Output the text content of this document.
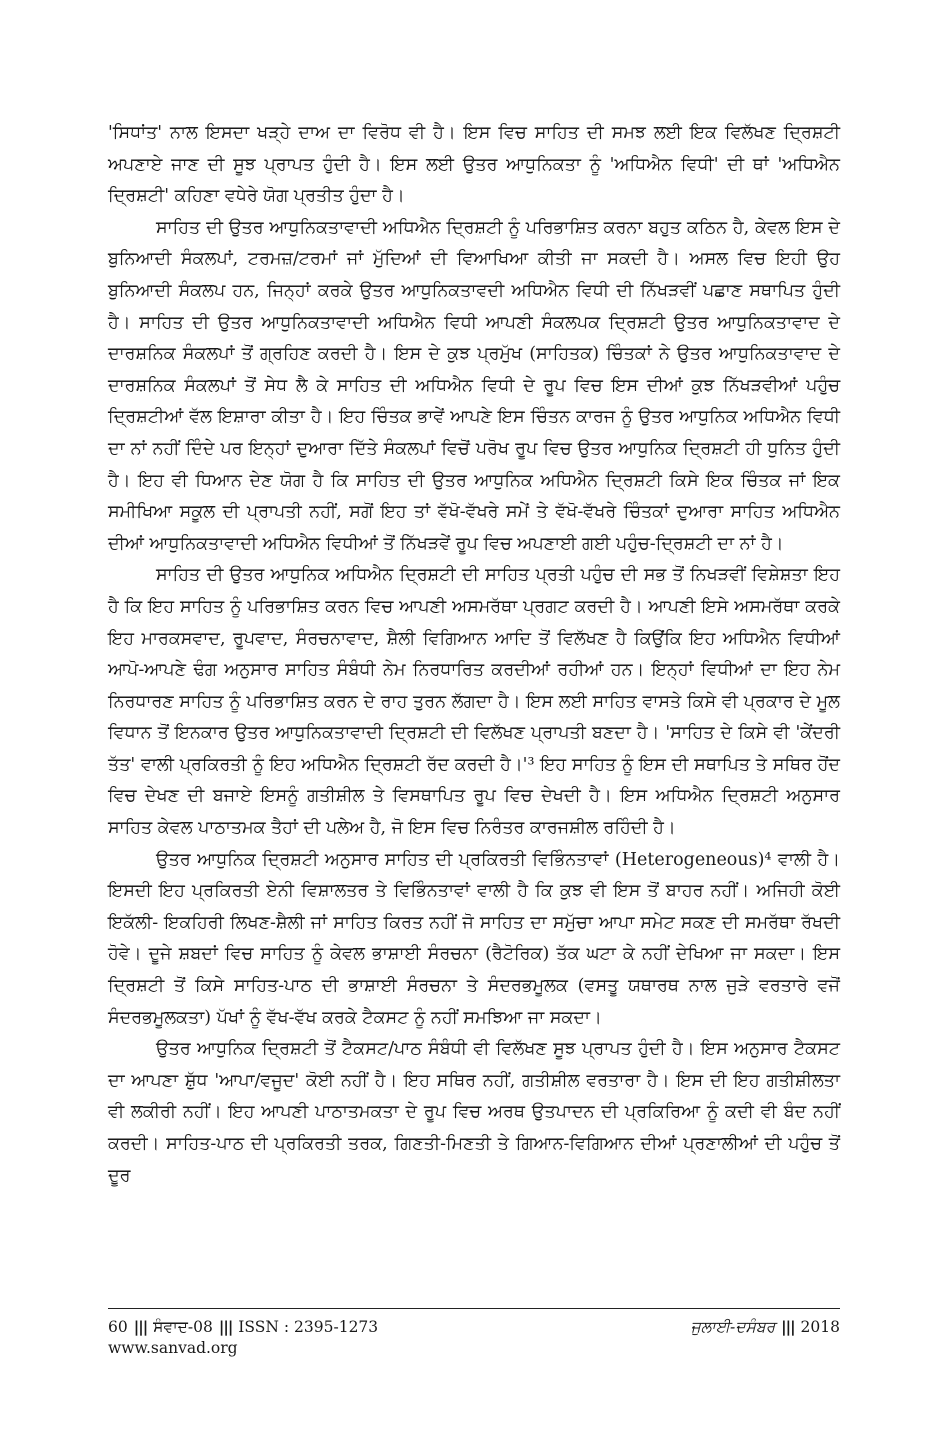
'ਸਿਧਾਂਤ' ਨਾਲ ਇਸਦਾ ਖੜ੍ਹੇ ਦਾਅ ਦਾ ਵਿਰੋਧ ਵੀ ਹੈ। ਇਸ ਵਿਚ ਸਾਹਿਤ ਦੀ ਸਮਝ ਲਈ ਇਕ ਵਿਲੱਖਣ ਦ੍ਰਿਸ਼ਟੀ ਅਪਣਾਏ ਜਾਣ ਦੀ ਸੂਝ ਪ੍ਰਾਪਤ ਹੁੰਦੀ ਹੈ। ਇਸ ਲਈ ਉਤਰ ਆਧੁਨਿਕਤਾ ਨੂੰ 'ਅਧਿਐਨ ਵਿਧੀ' ਦੀ ਥਾਂ 'ਅਧਿਐਨ ਦ੍ਰਿਸ਼ਟੀ' ਕਹਿਣਾ ਵਧੇਰੇ ਯੋਗ ਪ੍ਰਤੀਤ ਹੁੰਦਾ ਹੈ।

ਸਾਹਿਤ ਦੀ ਉਤਰ ਆਧੁਨਿਕਤਾਵਾਦੀ ਅਧਿਐਨ ਦ੍ਰਿਸ਼ਟੀ ਨੂੰ ਪਰਿਭਾਸ਼ਿਤ ਕਰਨਾ ਬਹੁਤ ਕਠਿਨ ਹੈ, ਕੇਵਲ ਇਸ ਦੇ ਬੁਨਿਆਦੀ ਸੰਕਲਪਾਂ, ਟਰਮਜ਼/ਟਰਮਾਂ ਜਾਂ ਮੁੱਦਿਆਂ ਦੀ ਵਿਆਖਿਆ ਕੀਤੀ ਜਾ ਸਕਦੀ ਹੈ। ਅਸਲ ਵਿਚ ਇਹੀ ਉਹ ਬੁਨਿਆਦੀ ਸੰਕਲਪ ਹਨ, ਜਿਨ੍ਹਾਂ ਕਰਕੇ ਉਤਰ ਆਧੁਨਿਕਤਾਵਦੀ ਅਧਿਐਨ ਵਿਧੀ ਦੀ ਨਿੱਖੜਵੀਂ ਪਛਾਣ ਸਥਾਪਿਤ ਹੁੰਦੀ ਹੈ। ਸਾਹਿਤ ਦੀ ਉਤਰ ਆਧੁਨਿਕਤਾਵਾਦੀ ਅਧਿਐਨ ਵਿਧੀ ਆਪਣੀ ਸੰਕਲਪਕ ਦ੍ਰਿਸ਼ਟੀ ਉਤਰ ਆਧੁਨਿਕਤਾਵਾਦ ਦੇ ਦਾਰਸ਼ਨਿਕ ਸੰਕਲਪਾਂ ਤੋਂ ਗ੍ਰਹਿਣ ਕਰਦੀ ਹੈ। ਇਸ ਦੇ ਕੁਝ ਪ੍ਰਮੁੱਖ (ਸਾਹਿਤਕ) ਚਿੰਤਕਾਂ ਨੇ ਉਤਰ ਆਧੁਨਿਕਤਾਵਾਦ ਦੇ ਦਾਰਸ਼ਨਿਕ ਸੰਕਲਪਾਂ ਤੋਂ ਸੇਧ ਲੈ ਕੇ ਸਾਹਿਤ ਦੀ ਅਧਿਐਨ ਵਿਧੀ ਦੇ ਰੂਪ ਵਿਚ ਇਸ ਦੀਆਂ ਕੁਝ ਨਿੱਖੜਵੀਆਂ ਪਹੁੰਚ ਦ੍ਰਿਸ਼ਟੀਆਂ ਵੱਲ ਇਸ਼ਾਰਾ ਕੀਤਾ ਹੈ। ਇਹ ਚਿੰਤਕ ਭਾਵੇਂ ਆਪਣੇ ਇਸ ਚਿੰਤਨ ਕਾਰਜ ਨੂੰ ਉਤਰ ਆਧੁਨਿਕ ਅਧਿਐਨ ਵਿਧੀ ਦਾ ਨਾਂ ਨਹੀਂ ਦਿੰਦੇ ਪਰ ਇਨ੍ਹਾਂ ਦੁਆਰਾ ਦਿੱਤੇ ਸੰਕਲਪਾਂ ਵਿਚੋਂ ਪਰੋਖ ਰੂਪ ਵਿਚ ਉਤਰ ਆਧੁਨਿਕ ਦ੍ਰਿਸ਼ਟੀ ਹੀ ਧੁਨਿਤ ਹੁੰਦੀ ਹੈ। ਇਹ ਵੀ ਧਿਆਨ ਦੇਣ ਯੋਗ ਹੈ ਕਿ ਸਾਹਿਤ ਦੀ ਉਤਰ ਆਧੁਨਿਕ ਅਧਿਐਨ ਦ੍ਰਿਸ਼ਟੀ ਕਿਸੇ ਇਕ ਚਿੰਤਕ ਜਾਂ ਇਕ ਸਮੀਖਿਆ ਸਕੂਲ ਦੀ ਪ੍ਰਾਪਤੀ ਨਹੀਂ, ਸਗੋਂ ਇਹ ਤਾਂ ਵੱਖੋ-ਵੱਖਰੇ ਸਮੇਂ ਤੇ ਵੱਖੋ-ਵੱਖਰੇ ਚਿੰਤਕਾਂ ਦੁਆਰਾ ਸਾਹਿਤ ਅਧਿਐਨ ਦੀਆਂ ਆਧੁਨਿਕਤਾਵਾਦੀ ਅਧਿਐਨ ਵਿਧੀਆਂ ਤੋਂ ਨਿੱਖੜਵੇਂ ਰੂਪ ਵਿਚ ਅਪਣਾਈ ਗਈ ਪਹੁੰਚ-ਦ੍ਰਿਸ਼ਟੀ ਦਾ ਨਾਂ ਹੈ।

ਸਾਹਿਤ ਦੀ ਉਤਰ ਆਧੁਨਿਕ ਅਧਿਐਨ ਦ੍ਰਿਸ਼ਟੀ ਦੀ ਸਾਹਿਤ ਪ੍ਰਤੀ ਪਹੁੰਚ ਦੀ ਸਭ ਤੋਂ ਨਿਖੜਵੀਂ ਵਿਸ਼ੇਸ਼ਤਾ ਇਹ ਹੈ ਕਿ ਇਹ ਸਾਹਿਤ ਨੂੰ ਪਰਿਭਾਸ਼ਿਤ ਕਰਨ ਵਿਚ ਆਪਣੀ ਅਸਮਰੱਥਾ ਪ੍ਰਗਟ ਕਰਦੀ ਹੈ। ਆਪਣੀ ਇਸੇ ਅਸਮਰੱਥਾ ਕਰਕੇ ਇਹ ਮਾਰਕਸਵਾਦ, ਰੂਪਵਾਦ, ਸੰਰਚਨਾਵਾਦ, ਸ਼ੈਲੀ ਵਿਗਿਆਨ ਆਦਿ ਤੋਂ ਵਿਲੱਖਣ ਹੈ ਕਿਉਂਕਿ ਇਹ ਅਧਿਐਨ ਵਿਧੀਆਂ ਆਪੋ-ਆਪਣੇ ਢੰਗ ਅਨੁਸਾਰ ਸਾਹਿਤ ਸੰਬੰਧੀ ਨੇਮ ਨਿਰਧਾਰਿਤ ਕਰਦੀਆਂ ਰਹੀਆਂ ਹਨ। ਇਨ੍ਹਾਂ ਵਿਧੀਆਂ ਦਾ ਇਹ ਨੇਮ ਨਿਰਧਾਰਣ ਸਾਹਿਤ ਨੂੰ ਪਰਿਭਾਸ਼ਿਤ ਕਰਨ ਦੇ ਰਾਹ ਤੁਰਨ ਲੱਗਦਾ ਹੈ। ਇਸ ਲਈ ਸਾਹਿਤ ਵਾਸਤੇ ਕਿਸੇ ਵੀ ਪ੍ਰਕਾਰ ਦੇ ਮੂਲ ਵਿਧਾਨ ਤੋਂ ਇਨਕਾਰ ਉਤਰ ਆਧੁਨਿਕਤਾਵਾਦੀ ਦ੍ਰਿਸ਼ਟੀ ਦੀ ਵਿਲੱਖਣ ਪ੍ਰਾਪਤੀ ਬਣਦਾ ਹੈ। 'ਸਾਹਿਤ ਦੇ ਕਿਸੇ ਵੀ 'ਕੇਂਦਰੀ ਤੱਤ' ਵਾਲੀ ਪ੍ਰਕਿਰਤੀ ਨੂੰ ਇਹ ਅਧਿਐਨ ਦ੍ਰਿਸ਼ਟੀ ਰੱਦ ਕਰਦੀ ਹੈ।'³ ਇਹ ਸਾਹਿਤ ਨੂੰ ਇਸ ਦੀ ਸਥਾਪਿਤ ਤੇ ਸਥਿਰ ਹੋਂਦ ਵਿਚ ਦੇਖਣ ਦੀ ਬਜਾਏ ਇਸਨੂੰ ਗਤੀਸ਼ੀਲ ਤੇ ਵਿਸਥਾਪਿਤ ਰੂਪ ਵਿਚ ਦੇਖਦੀ ਹੈ। ਇਸ ਅਧਿਐਨ ਦ੍ਰਿਸ਼ਟੀ ਅਨੁਸਾਰ ਸਾਹਿਤ ਕੇਵਲ ਪਾਠਾਤਮਕ ਤੈਹਾਂ ਦੀ ਪਲੇਅ ਹੈ, ਜੋ ਇਸ ਵਿਚ ਨਿਰੰਤਰ ਕਾਰਜਸ਼ੀਲ ਰਹਿੰਦੀ ਹੈ।

ਉਤਰ ਆਧੁਨਿਕ ਦ੍ਰਿਸ਼ਟੀ ਅਨੁਸਾਰ ਸਾਹਿਤ ਦੀ ਪ੍ਰਕਿਰਤੀ ਵਿਭਿੰਨਤਾਵਾਂ (Heterogeneous)⁴ ਵਾਲੀ ਹੈ। ਇਸਦੀ ਇਹ ਪ੍ਰਕਿਰਤੀ ਏਨੀ ਵਿਸ਼ਾਲਤਰ ਤੇ ਵਿਭਿੰਨਤਾਵਾਂ ਵਾਲੀ ਹੈ ਕਿ ਕੁਝ ਵੀ ਇਸ ਤੋਂ ਬਾਹਰ ਨਹੀਂ। ਅਜਿਹੀ ਕੋਈ ਇਕੱਲੀ- ਇਕਹਿਰੀ ਲਿਖਣ-ਸ਼ੈਲੀ ਜਾਂ ਸਾਹਿਤ ਕਿਰਤ ਨਹੀਂ ਜੋ ਸਾਹਿਤ ਦਾ ਸਮੁੱਚਾ ਆਪਾ ਸਮੇਟ ਸਕਣ ਦੀ ਸਮਰੱਥਾ ਰੱਖਦੀ ਹੋਵੇ। ਦੂਜੇ ਸ਼ਬਦਾਂ ਵਿਚ ਸਾਹਿਤ ਨੂੰ ਕੇਵਲ ਭਾਸ਼ਾਈ ਸੰਰਚਨਾ (ਰੈਟੋਰਿਕ) ਤੱਕ ਘਟਾ ਕੇ ਨਹੀਂ ਦੇਖਿਆ ਜਾ ਸਕਦਾ। ਇਸ ਦ੍ਰਿਸ਼ਟੀ ਤੋਂ ਕਿਸੇ ਸਾਹਿਤ-ਪਾਠ ਦੀ ਭਾਸ਼ਾਈ ਸੰਰਚਨਾ ਤੇ ਸੰਦਰਭਮੂਲਕ (ਵਸਤੂ ਯਥਾਰਥ ਨਾਲ ਜੁੜੇ ਵਰਤਾਰੇ ਵਜੋਂ ਸੰਦਰਭਮੂਲਕਤਾ) ਪੱਖਾਂ ਨੂੰ ਵੱਖ-ਵੱਖ ਕਰਕੇ ਟੈਕਸਟ ਨੂੰ ਨਹੀਂ ਸਮਝਿਆ ਜਾ ਸਕਦਾ।

ਉਤਰ ਆਧੁਨਿਕ ਦ੍ਰਿਸ਼ਟੀ ਤੋਂ ਟੈਕਸਟ/ਪਾਠ ਸੰਬੰਧੀ ਵੀ ਵਿਲੱਖਣ ਸੂਝ ਪ੍ਰਾਪਤ ਹੁੰਦੀ ਹੈ। ਇਸ ਅਨੁਸਾਰ ਟੈਕਸਟ ਦਾ ਆਪਣਾ ਸ਼ੁੱਧ 'ਆਪਾ/ਵਜੂਦ' ਕੋਈ ਨਹੀਂ ਹੈ। ਇਹ ਸਥਿਰ ਨਹੀਂ, ਗਤੀਸ਼ੀਲ ਵਰਤਾਰਾ ਹੈ। ਇਸ ਦੀ ਇਹ ਗਤੀਸ਼ੀਲਤਾ ਵੀ ਲਕੀਰੀ ਨਹੀਂ। ਇਹ ਆਪਣੀ ਪਾਠਾਤਮਕਤਾ ਦੇ ਰੂਪ ਵਿਚ ਅਰਥ ਉਤਪਾਦਨ ਦੀ ਪ੍ਰਕਿਰਿਆ ਨੂੰ ਕਦੀ ਵੀ ਬੰਦ ਨਹੀਂ ਕਰਦੀ। ਸਾਹਿਤ-ਪਾਠ ਦੀ ਪ੍ਰਕਿਰਤੀ ਤਰਕ, ਗਿਣਤੀ-ਮਿਣਤੀ ਤੇ ਗਿਆਨ-ਵਿਗਿਆਨ ਦੀਆਂ ਪ੍ਰਣਾਲੀਆਂ ਦੀ ਪਹੁੰਚ ਤੋਂ ਦੂਰ

60 ||| ਸੰਵਾਦ-08 ||| ISSN : 2395-1273	ਜੁਲਾਈ-ਦਸੰਬਰ ||| 2018
www.sanvad.org
